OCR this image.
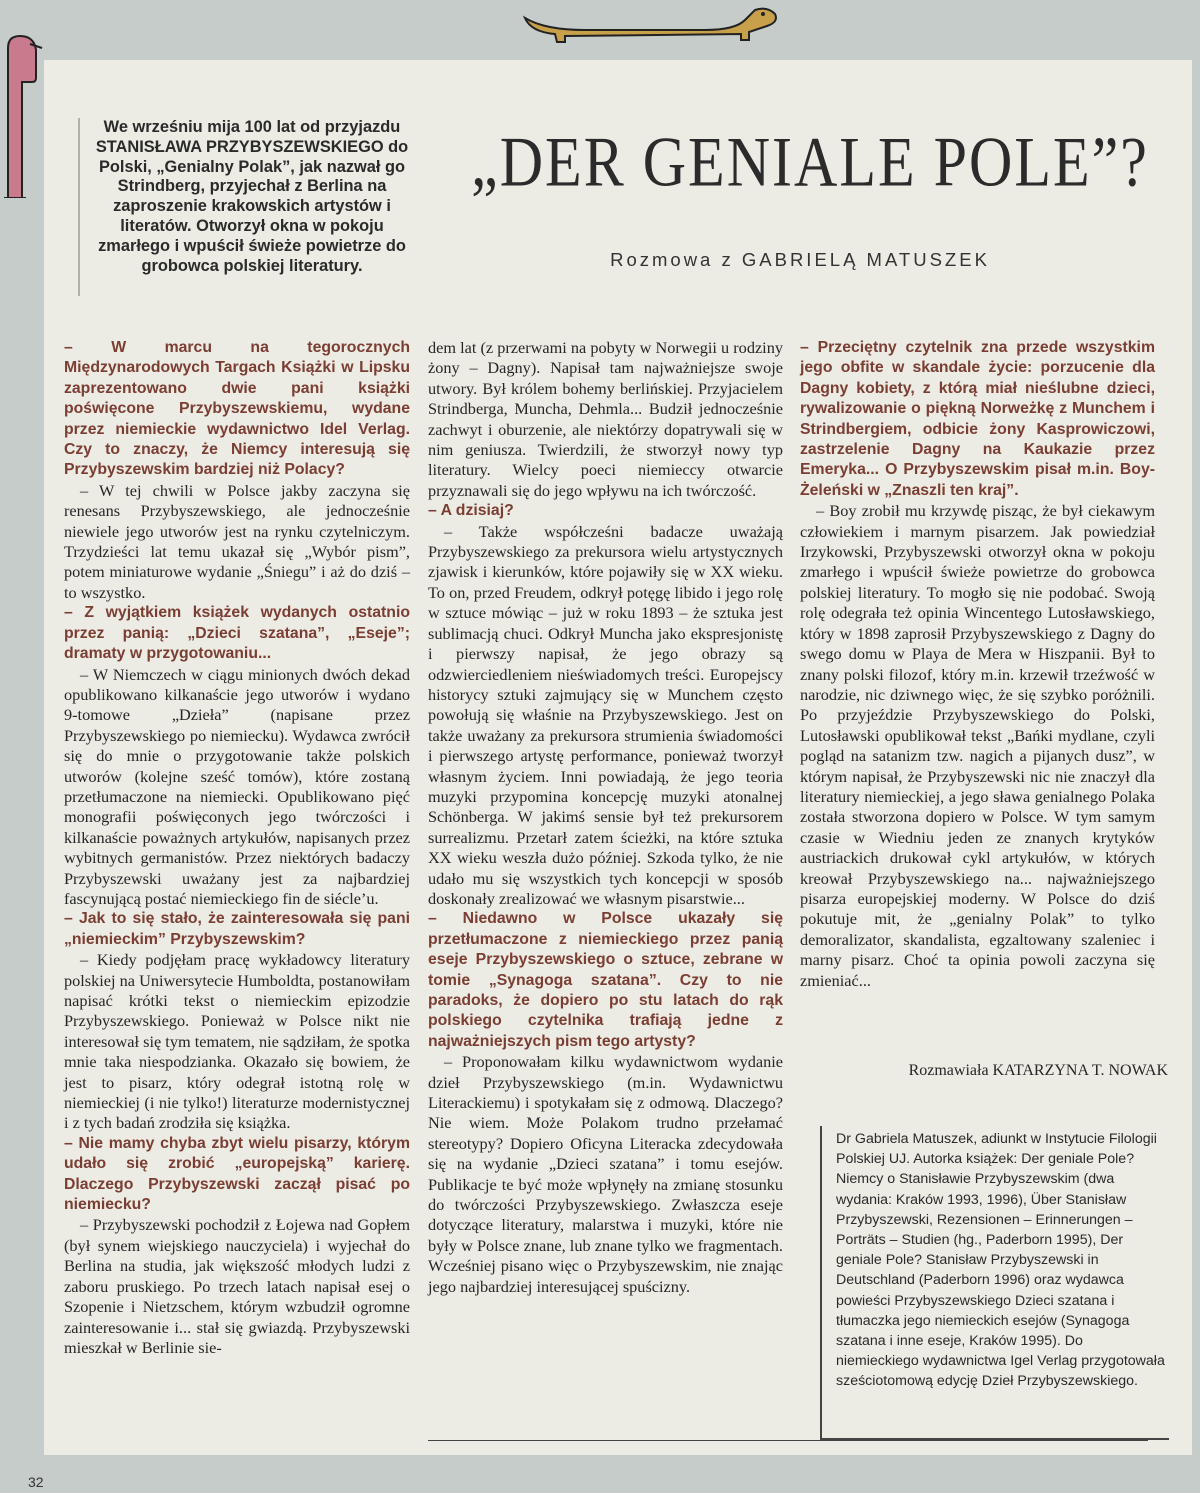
We wrześniu mija 100 lat od przyjazdu STANISŁAWA PRZYBYSZEWSKIEGO do Polski, „Genialny Polak”, jak nazwał go Strindberg, przyjechał z Berlina na zaproszenie krakowskich artystów i literatów. Otworzył okna w pokoju zmarłego i wpuścił świeże powietrze do grobowca polskiej literatury.

„DER GENIALE POLE”?
Rozmowa z GABRIELĄ MATUSZEK

– W marcu na tegorocznych Międzynarodowych Targach Książki w Lipsku zaprezentowano dwie pani książki poświęcone Przybyszewskiemu, wydane przez niemieckie wydawnictwo Idel Verlag. Czy to znaczy, że Niemcy interesują się Przybyszewskim bardziej niż Polacy?

– W tej chwili w Polsce jakby zaczyna się renesans Przybyszewskiego, ale jednocześnie niewiele jego utworów jest na rynku czytelniczym. Trzydzieści lat temu ukazał się „Wybór pism”, potem miniaturowe wydanie „Śniegu” i aż do dziś – to wszystko.

– Z wyjątkiem książek wydanych ostatnio przez panią: „Dzieci szatana”, „Eseje”; dramaty w przygotowaniu...

– W Niemczech w ciągu minionych dwóch dekad opublikowano kilkanaście jego utworów i wydano 9-tomowe „Dzieła” (napisane przez Przybyszewskiego po niemiecku). Wydawca zwrócił się do mnie o przygotowanie także polskich utworów (kolejne sześć tomów), które zostaną przetłumaczone na niemiecki. Opublikowano pięć monografii poświęconych jego twórczości i kilkanaście poważnych artykułów, napisanych przez wybitnych germanistów. Przez niektórych badaczy Przybyszewski uważany jest za najbardziej fascynującą postać niemieckiego fin de siécle’u.

– Jak to się stało, że zainteresowała się pani „niemieckim” Przybyszewskim?

– Kiedy podjęłam pracę wykładowcy literatury polskiej na Uniwersytecie Humboldta, postanowiłam napisać krótki tekst o niemieckim epizodzie Przybyszewskiego. Ponieważ w Polsce nikt nie interesował się tym tematem, nie sądziłam, że spotka mnie taka niespodzianka. Okazało się bowiem, że jest to pisarz, który odegrał istotną rolę w niemieckiej (i nie tylko!) literaturze modernistycznej i z tych badań zrodziła się książka.

– Nie mamy chyba zbyt wielu pisarzy, którym udało się zrobić „europejską” karierę. Dlaczego Przybyszewski zaczął pisać po niemiecku?

– Przybyszewski pochodził z Łojewa nad Gopłem (był synem wiejskiego nauczyciela) i wyjechał do Berlina na studia, jak większość młodych ludzi z zaboru pruskiego. Po trzech latach napisał esej o Szopenie i Nietzschem, którym wzbudził ogromne zainteresowanie i... stał się gwiazdą. Przybyszewski mieszkał w Berlinie sie-

dem lat (z przerwami na pobyty w Norwegii u rodziny żony – Dagny). Napisał tam najważniejsze swoje utwory. Był królem bohemy berlińskiej. Przyjacielem Strindberga, Muncha, Dehmla... Budził jednocześnie zachwyt i oburzenie, ale niektórzy dopatrywali się w nim geniusza. Twierdzili, że stworzył nowy typ literatury. Wielcy poeci niemieccy otwarcie przyznawali się do jego wpływu na ich twórczość.

– A dzisiaj?

– Także współcześni badacze uważają Przybyszewskiego za prekursora wielu artystycznych zjawisk i kierunków, które pojawiły się w XX wieku. To on, przed Freudem, odkrył potęgę libido i jego rolę w sztuce mówiąc – już w roku 1893 – że sztuka jest sublimacją chuci. Odkrył Muncha jako ekspresjonistę i pierwszy napisał, że jego obrazy są odzwierciedleniem nieświadomych treści. Europejscy historycy sztuki zajmujący się w Munchem często powołują się właśnie na Przybyszewskiego. Jest on także uważany za prekursora strumienia świadomości i pierwszego artystę performance, ponieważ tworzył własnym życiem. Inni powiadają, że jego teoria muzyki przypomina koncepcję muzyki atonalnej Schönberga. W jakimś sensie był też prekursorem surrealizmu. Przetarł zatem ścieżki, na które sztuka XX wieku weszła dużo później. Szkoda tylko, że nie udało mu się wszystkich tych koncepcji w sposób doskonały zrealizować we własnym pisarstwie...

– Niedawno w Polsce ukazały się przetłumaczone z niemieckiego przez panią eseje Przybyszewskiego o sztuce, zebrane w tomie „Synagoga szatana”. Czy to nie paradoks, że dopiero po stu latach do rąk polskiego czytelnika trafiają jedne z najważniejszych pism tego artysty?

– Proponowałam kilku wydawnictwom wydanie dzieł Przybyszewskiego (m.in. Wydawnictwu Literackiemu) i spotykałam się z odmową. Dlaczego? Nie wiem. Może Polakom trudno przełamać stereotypy? Dopiero Oficyna Literacka zdecydowała się na wydanie „Dzieci szatana” i tomu esejów. Publikacje te być może wpłynęły na zmianę stosunku do twórczości Przybyszewskiego. Zwłaszcza eseje dotyczące literatury, malarstwa i muzyki, które nie były w Polsce znane, lub znane tylko we fragmentach. Wcześniej pisano więc o Przybyszewskim, nie znając jego najbardziej interesującej spuścizny.

– Przeciętny czytelnik zna przede wszystkim jego obfite w skandale życie: porzucenie dla Dagny kobiety, z którą miał nieślubne dzieci, rywalizowanie o piękną Norweżkę z Munchem i Strindbergiem, odbicie żony Kasprowiczowi, zastrzelenie Dagny na Kaukazie przez Emeryka... O Przybyszewskim pisał m.in. Boy-Żeleński w „Znaszli ten kraj”.

– Boy zrobił mu krzywdę pisząc, że był ciekawym człowiekiem i marnym pisarzem. Jak powiedział Irzykowski, Przybyszewski otworzył okna w pokoju zmarłego i wpuścił świeże powietrze do grobowca polskiej literatury. To mogło się nie podobać. Swoją rolę odegrała też opinia Wincentego Lutosławskiego, który w 1898 zaprosił Przybyszewskiego z Dagny do swego domu w Playa de Mera w Hiszpanii. Był to znany polski filozof, który m.in. krzewił trzeźwość w narodzie, nic dziwnego więc, że się szybko poróżnili. Po przyjeździe Przybyszewskiego do Polski, Lutosławski opublikował tekst „Bańki mydlane, czyli pogląd na satanizm tzw. nagich a pijanych dusz”, w którym napisał, że Przybyszewski nic nie znaczył dla literatury niemieckiej, a jego sława genialnego Polaka została stworzona dopiero w Polsce. W tym samym czasie w Wiedniu jeden ze znanych krytyków austriackich drukował cykl artykułów, w których kreował Przybyszewskiego na... najważniejszego pisarza europejskiej moderny. W Polsce do dziś pokutuje mit, że „genialny Polak” to tylko demoralizator, skandalista, egzaltowany szaleniec i marny pisarz. Choć ta opinia powoli zaczyna się zmieniać...

Rozmawiała KATARZYNA T. NOWAK

Dr Gabriela Matuszek, adiunkt w Instytucie Filologii Polskiej UJ. Autorka książek: Der geniale Pole? Niemcy o Stanisławie Przybyszewskim (dwa wydania: Kraków 1993, 1996), Über Stanisław Przybyszewski, Rezensionen – Erinnerungen – Porträts – Studien (hg., Paderborn 1995), Der geniale Pole? Stanisław Przybyszewski in Deutschland (Paderborn 1996) oraz wydawca powieści Przybyszewskiego Dzieci szatana i tłumaczka jego niemieckich esejów (Synagoga szatana i inne eseje, Kraków 1995). Do niemieckiego wydawnictwa Igel Verlag przygotowała sześciotomową edycję Dzieł Przybyszewskiego.

32
